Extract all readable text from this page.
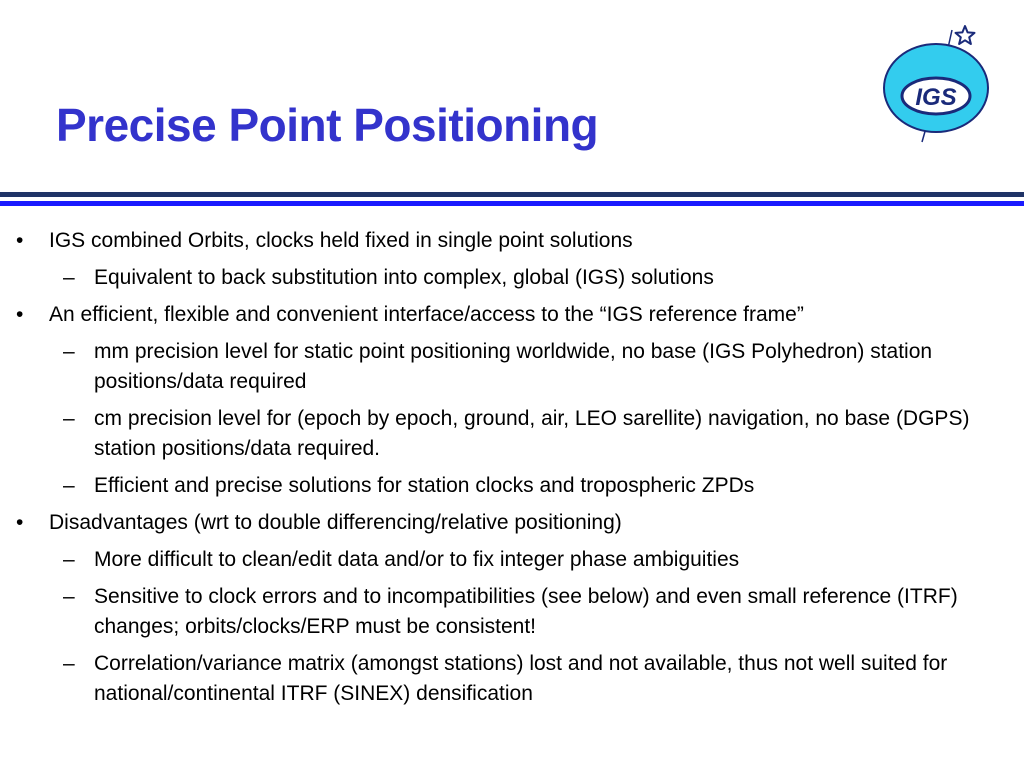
Precise Point Positioning
IGS
• IGS combined Orbits, clocks held fixed in single point solutions
– Equivalent to back substitution into complex, global (IGS) solutions
• An efficient, flexible and convenient interface/access to the “IGS reference frame”
– mm precision level for static point positioning worldwide, no base (IGS Polyhedron) station positions/data required
– cm precision level for (epoch by epoch, ground, air, LEO sarellite) navigation, no base (DGPS) station positions/data required.
– Efficient and precise solutions for station clocks and tropospheric ZPDs
• Disadvantages (wrt to double differencing/relative positioning)
– More difficult to clean/edit data and/or to fix integer phase ambiguities
– Sensitive to clock errors and to incompatibilities (see below) and even small reference (ITRF) changes; orbits/clocks/ERP must be consistent!
– Correlation/variance matrix (amongst stations) lost and not available, thus not well suited for national/continental ITRF (SINEX) densification
